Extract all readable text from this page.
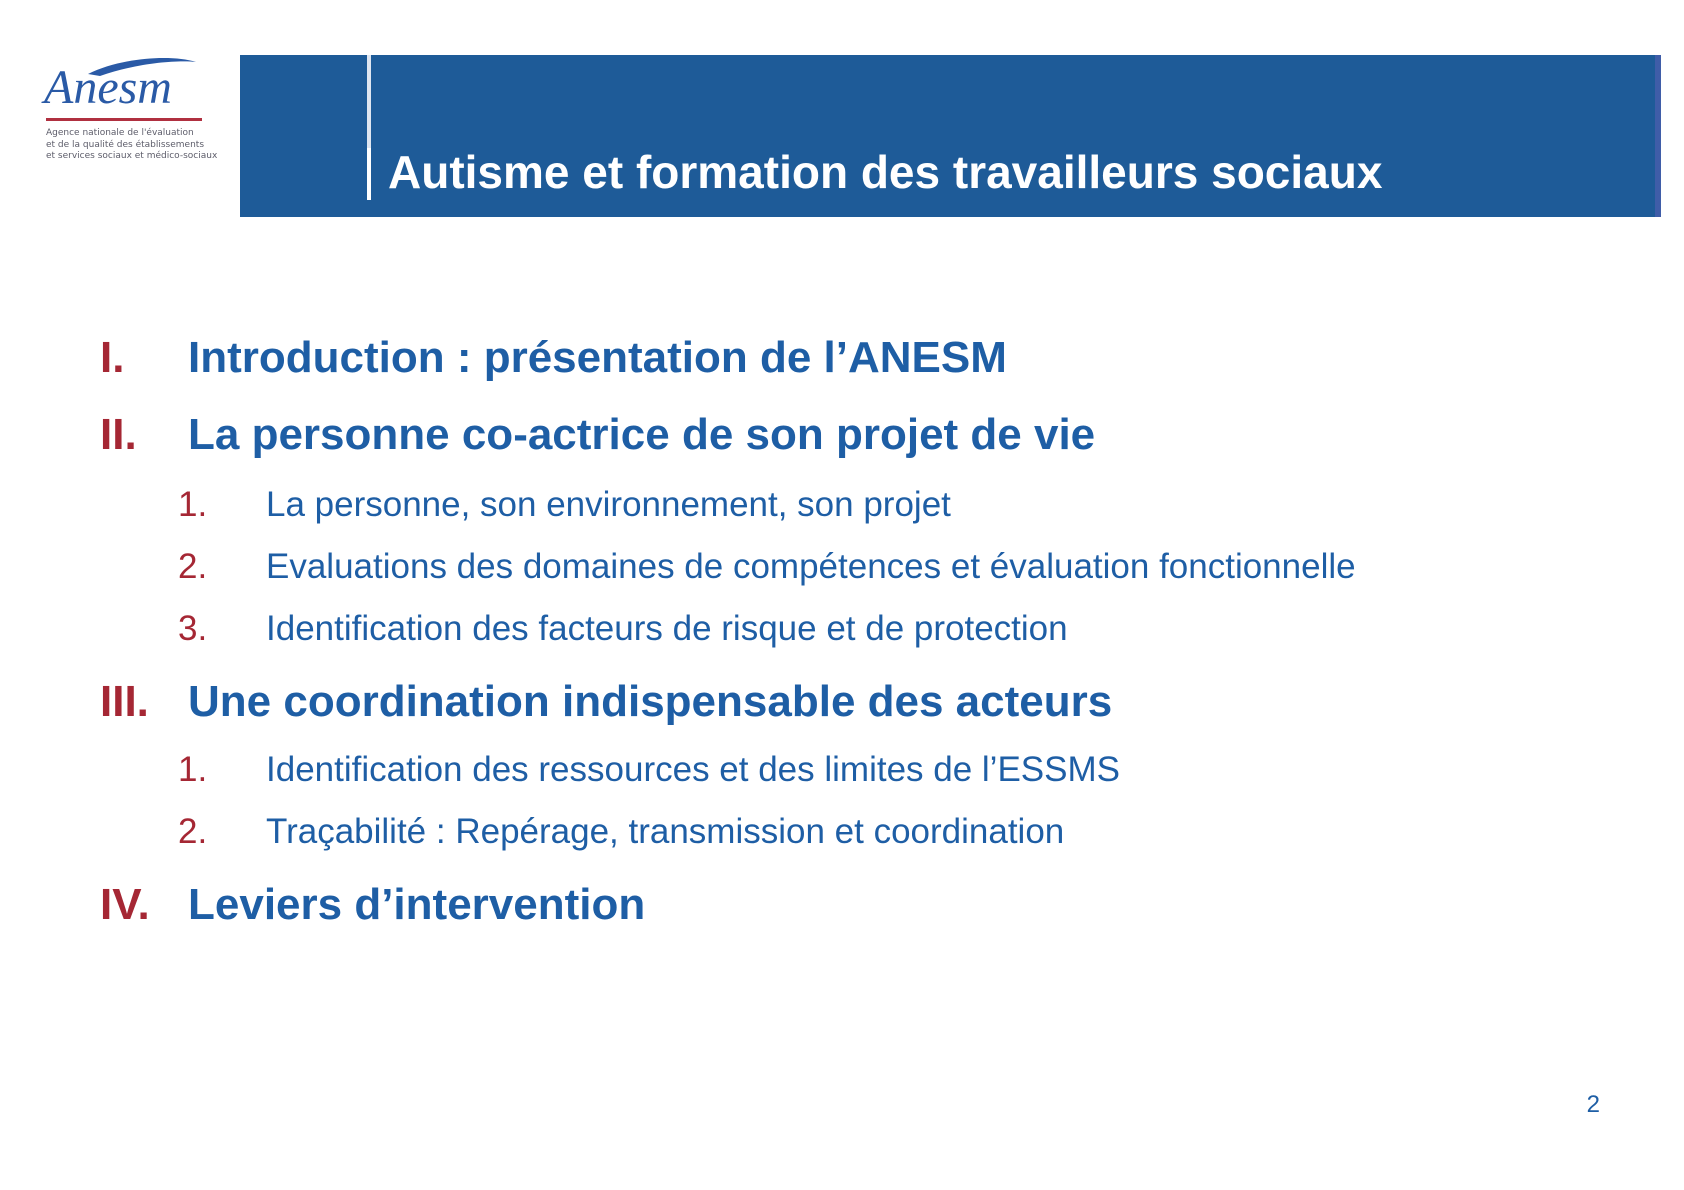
Anesm
Agence nationale de l'évaluation
et de la qualité des établissements
et services sociaux et médico-sociaux	Autisme et formation des travailleurs sociaux
I. Introduction : présentation de l’ANESM
II. La personne co-actrice de son projet de vie
1. La personne, son environnement, son projet
2. Evaluations des domaines de compétences et évaluation fonctionnelle
3. Identification des facteurs de risque et de protection
III. Une coordination indispensable des acteurs
1. Identification des ressources et des limites de l’ESSMS
2. Traçabilité : Repérage, transmission et coordination
IV. Leviers d’intervention
2
